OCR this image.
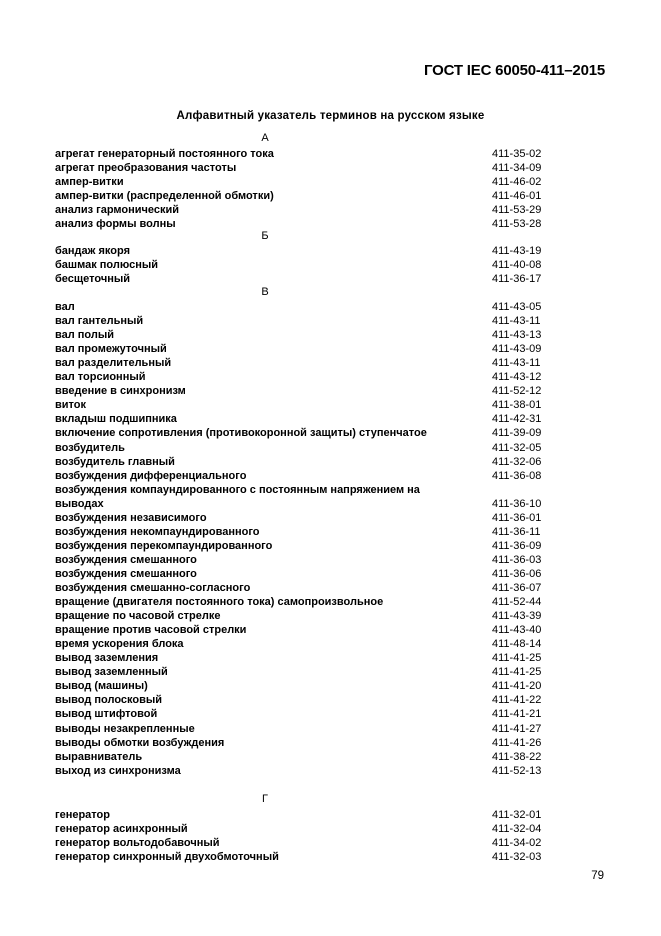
ГОСТ IEC 60050-411–2015
Алфавитный указатель терминов на русском языке
А
агрегат генераторный постоянного тока	411-35-02
агрегат преобразования частоты	411-34-09
ампер-витки	411-46-02
ампер-витки (распределенной обмотки)	411-46-01
анализ гармонический	411-53-29
анализ формы волны	411-53-28
Б
бандаж якоря	411-43-19
башмак полюсный	411-40-08
бесщеточный	411-36-17
В
вал	411-43-05
вал гантельный	411-43-11
вал полый	411-43-13
вал промежуточный	411-43-09
вал разделительный	411-43-11
вал торсионный	411-43-12
введение в синхронизм	411-52-12
виток	411-38-01
вкладыш подшипника	411-42-31
включение сопротивления (противокоронной защиты) ступенчатое	411-39-09
возбудитель	411-32-05
возбудитель главный	411-32-06
возбуждения дифференциального	411-36-08
возбуждения компаундированного с постоянным напряжением на
выводах	411-36-10
возбуждения независимого	411-36-01
возбуждения некомпаундированного	411-36-11
возбуждения перекомпаундированного	411-36-09
возбуждения смешанного	411-36-03
возбуждения смешанного	411-36-06
возбуждения смешанно-согласного	411-36-07
вращение (двигателя постоянного тока) самопроизвольное	411-52-44
вращение по часовой стрелке	411-43-39
вращение против часовой стрелки	411-43-40
время ускорения блока	411-48-14
вывод заземления	411-41-25
вывод заземленный	411-41-25
вывод (машины)	411-41-20
вывод полосковый	411-41-22
вывод штифтовой	411-41-21
выводы незакрепленные	411-41-27
выводы обмотки возбуждения	411-41-26
выравниватель	411-38-22
выход из синхронизма	411-52-13
Г
генератор	411-32-01
генератор асинхронный	411-32-04
генератор вольтодобавочный	411-34-02
генератор синхронный двухобмоточный	411-32-03
79
